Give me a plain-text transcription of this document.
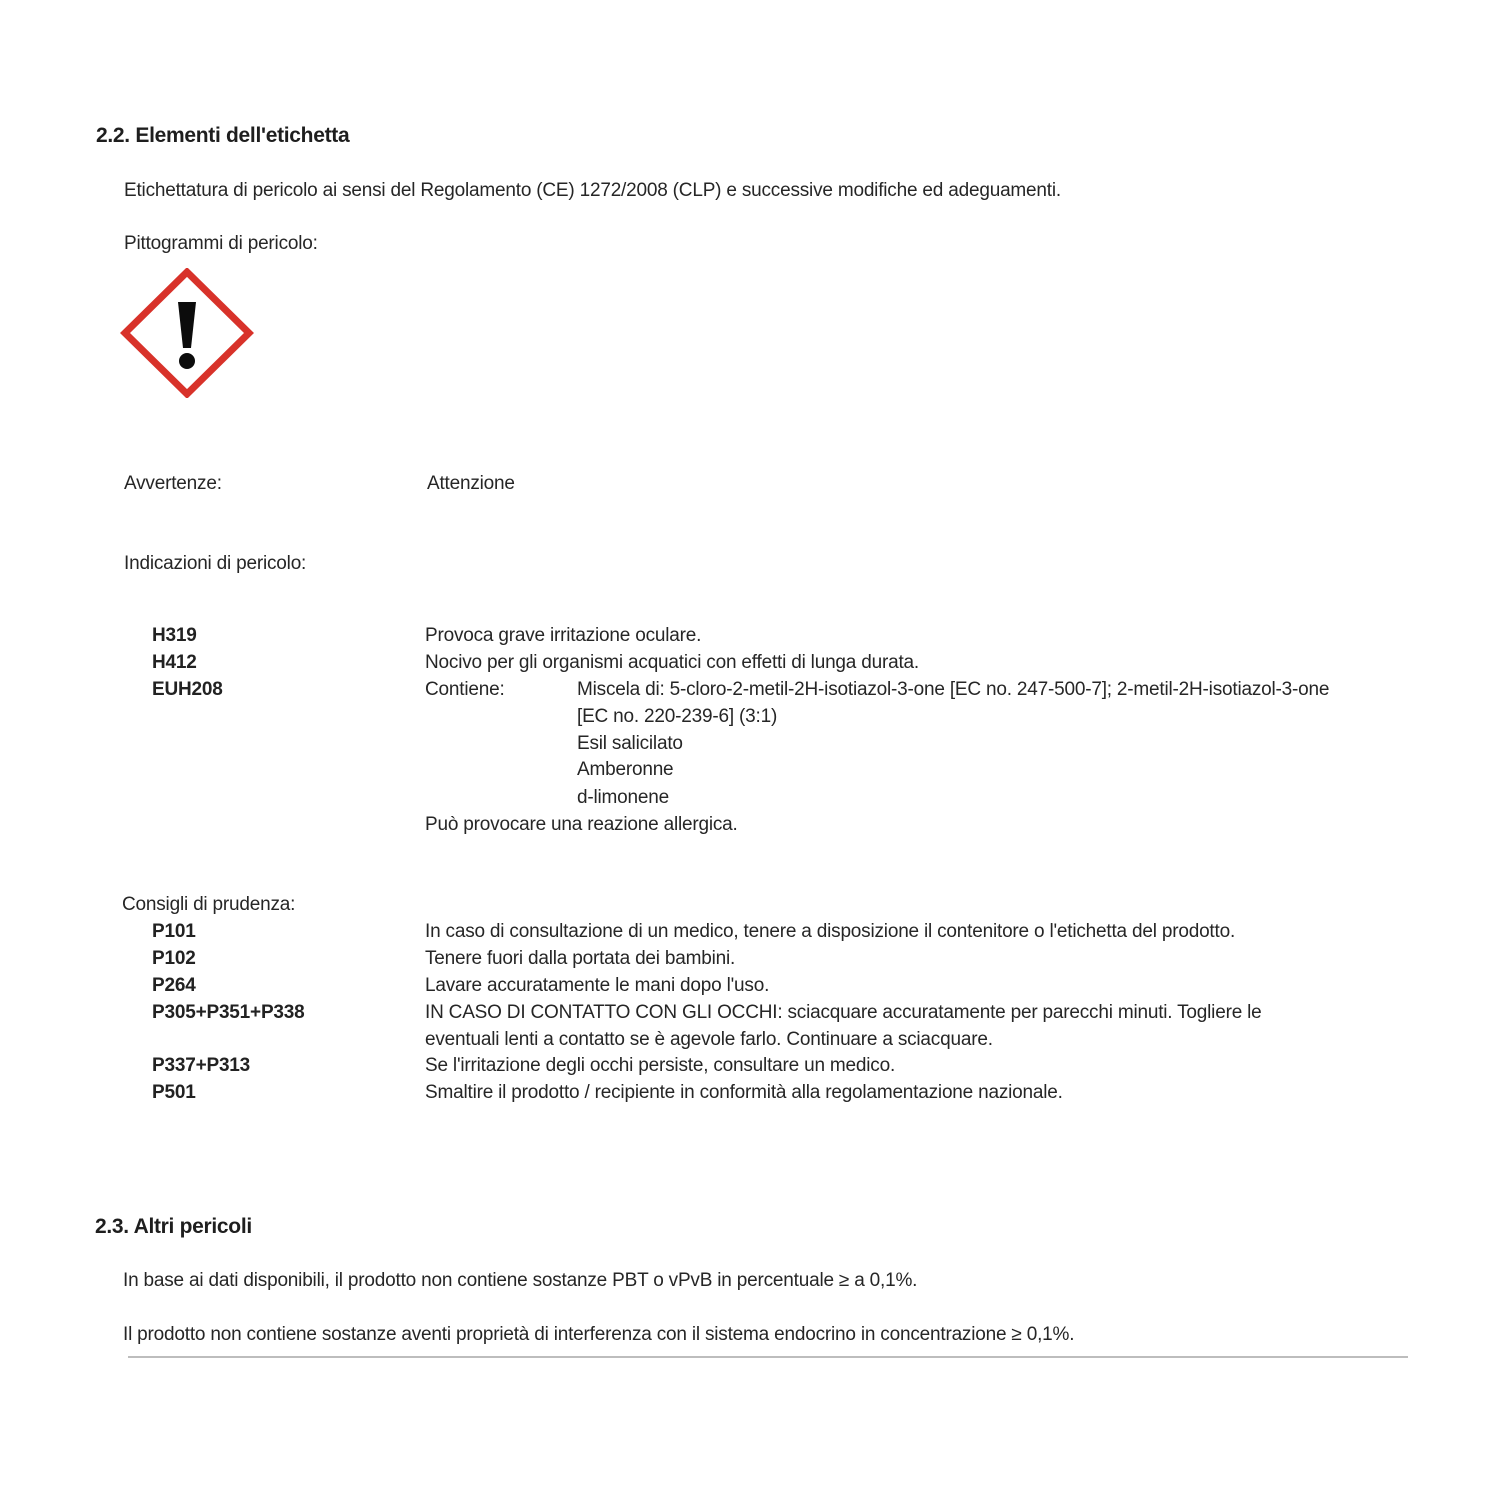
2.2. Elementi dell'etichetta
Etichettatura di pericolo ai sensi del Regolamento (CE) 1272/2008 (CLP) e successive modifiche ed adeguamenti.
Pittogrammi di pericolo:
Avvertenze:	Attenzione
Indicazioni di pericolo:
H319	Provoca grave irritazione oculare.
H412	Nocivo per gli organismi acquatici con effetti di lunga durata.
EUH208	Contiene:	Miscela di: 5-cloro-2-metil-2H-isotiazol-3-one [EC no. 247-500-7]; 2-metil-2H-isotiazol-3-one
[EC no. 220-239-6] (3:1)
Esil salicilato
Amberonne
d-limonene
Può provocare una reazione allergica.
Consigli di prudenza:
P101	In caso di consultazione di un medico, tenere a disposizione il contenitore o l'etichetta del prodotto.
P102	Tenere fuori dalla portata dei bambini.
P264	Lavare accuratamente le mani dopo l'uso.
P305+P351+P338	IN CASO DI CONTATTO CON GLI OCCHI: sciacquare accuratamente per parecchi minuti. Togliere le
eventuali lenti a contatto se è agevole farlo. Continuare a sciacquare.
P337+P313	Se l'irritazione degli occhi persiste, consultare un medico.
P501	Smaltire il prodotto / recipiente in conformità alla regolamentazione nazionale.
2.3. Altri pericoli
In base ai dati disponibili, il prodotto non contiene sostanze PBT o vPvB in percentuale ≥ a 0,1%.
Il prodotto non contiene sostanze aventi proprietà di interferenza con il sistema endocrino in concentrazione ≥ 0,1%.
